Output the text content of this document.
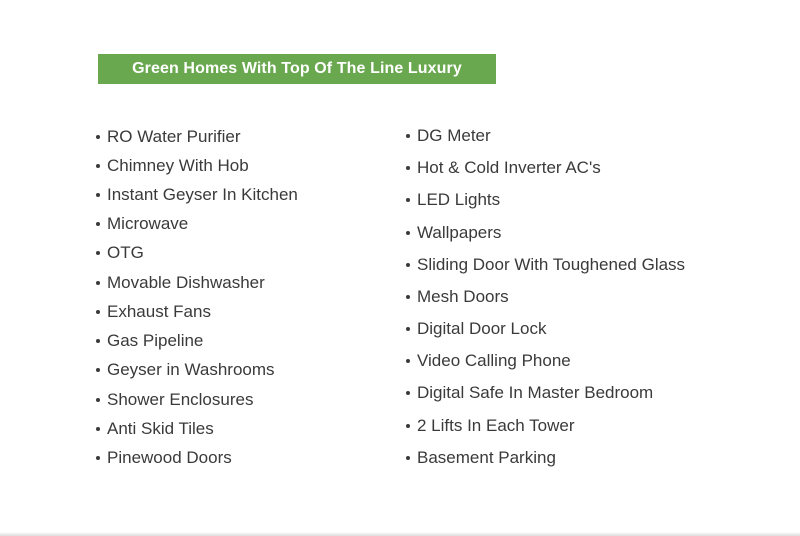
Green Homes With Top Of The Line Luxury
RO Water Purifier
Chimney With Hob
Instant Geyser In Kitchen
Microwave
OTG
Movable Dishwasher
Exhaust Fans
Gas Pipeline
Geyser in Washrooms
Shower Enclosures
Anti Skid Tiles
Pinewood Doors
DG Meter
Hot & Cold Inverter AC's
LED Lights
Wallpapers
Sliding Door With Toughened Glass
Mesh Doors
Digital Door Lock
Video Calling Phone
Digital Safe In Master Bedroom
2 Lifts In Each Tower
Basement Parking
